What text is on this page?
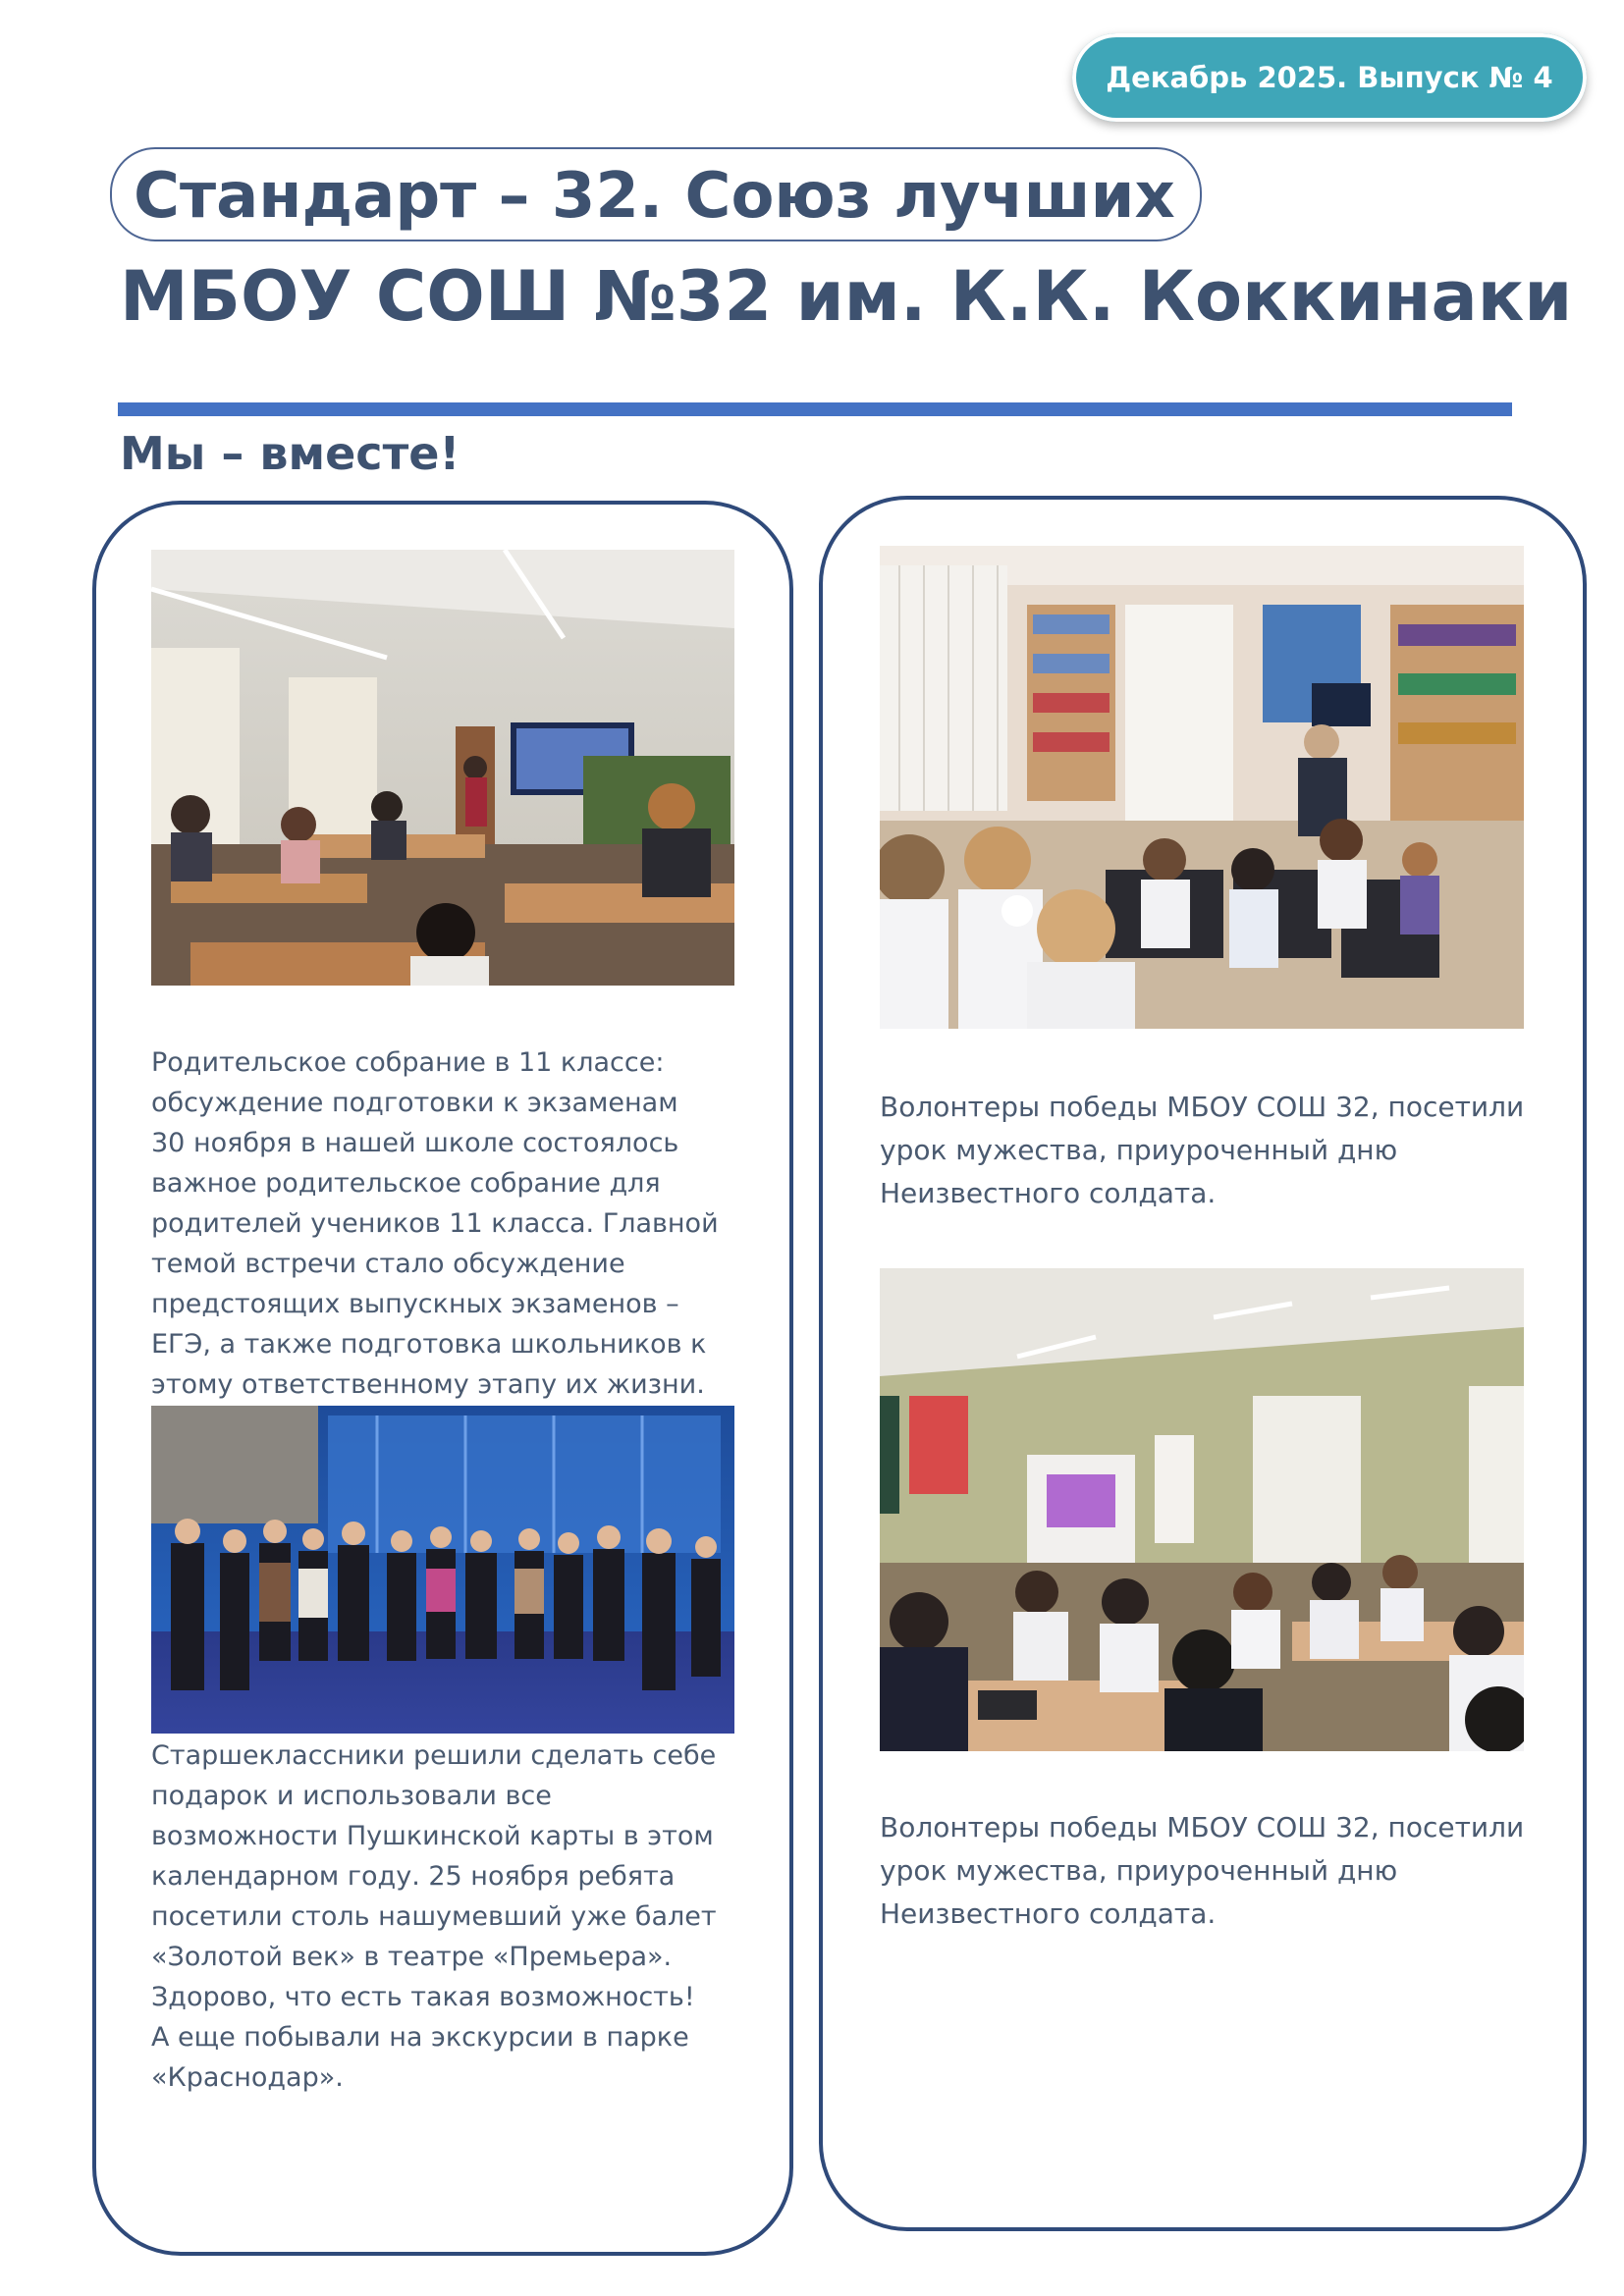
Декабрь 2025. Выпуск № 4
Стандарт – 32. Союз лучших
МБОУ СОШ №32 им. К.К. Коккинаки
Мы – вместе!
Родительское собрание в 11 классе:
обсуждение подготовки к экзаменам
30 ноября в нашей школе состоялось
важное родительское собрание для
родителей учеников 11 класса. Главной
темой встречи стало обсуждение
предстоящих выпускных экзаменов –
ЕГЭ, а также подготовка школьников к
этому ответственному этапу их жизни.
Старшеклассники решили сделать себе
подарок и использовали все
возможности Пушкинской карты в этом
календарном году. 25 ноября ребята
посетили столь нашумевший уже балет
«Золотой век» в театре «Премьера».
Здорово, что есть такая возможность!
А еще побывали на экскурсии в парке
«Краснодар».
Волонтеры победы МБОУ СОШ 32, посетили
урок мужества, приуроченный дню
Неизвестного солдата.
Волонтеры победы МБОУ СОШ 32, посетили
урок мужества, приуроченный дню
Неизвестного солдата.
